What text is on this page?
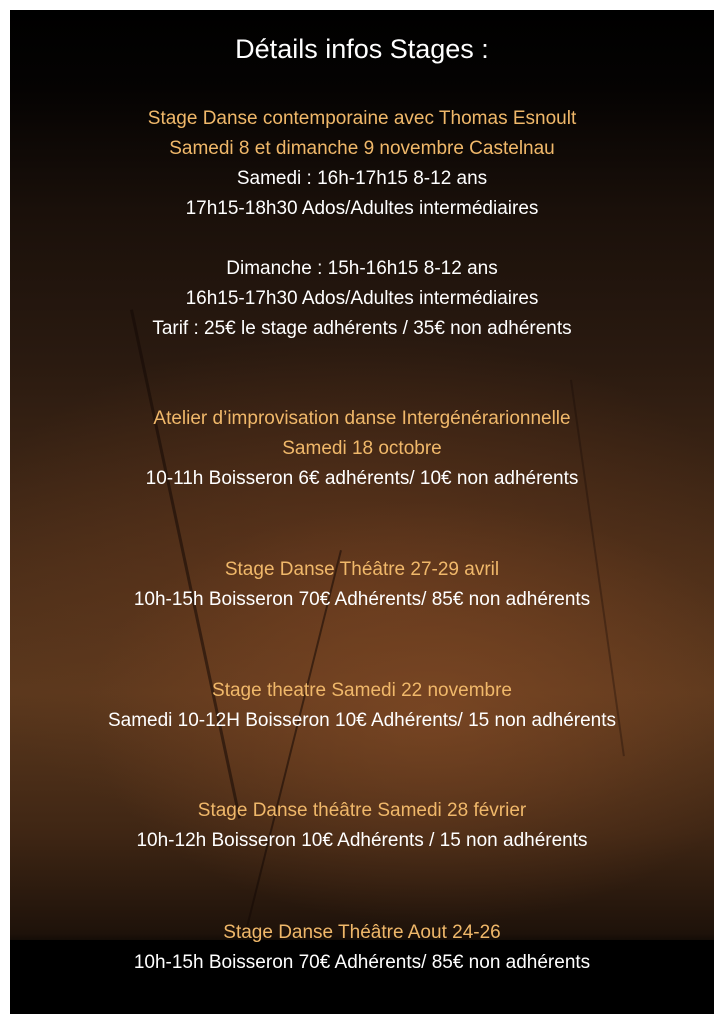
Détails infos Stages :
Stage Danse contemporaine avec Thomas Esnoult
Samedi 8 et dimanche 9 novembre Castelnau
Samedi : 16h-17h15 8-12 ans
17h15-18h30 Ados/Adultes intermédiaires
Dimanche : 15h-16h15 8-12 ans
16h15-17h30 Ados/Adultes intermédiaires
Tarif : 25€ le stage adhérents / 35€ non adhérents
Atelier d’improvisation danse Intergénérarionnelle
Samedi 18 octobre
10-11h Boisseron 6€ adhérents/ 10€ non adhérents
Stage Danse Théâtre 27-29 avril
10h-15h Boisseron 70€ Adhérents/ 85€ non adhérents
Stage theatre Samedi 22 novembre
Samedi 10-12H Boisseron 10€ Adhérents/ 15 non adhérents
Stage Danse théâtre Samedi 28 février
10h-12h Boisseron 10€ Adhérents / 15 non adhérents
Stage Danse Théâtre Aout 24-26
10h-15h Boisseron 70€ Adhérents/ 85€ non adhérents
